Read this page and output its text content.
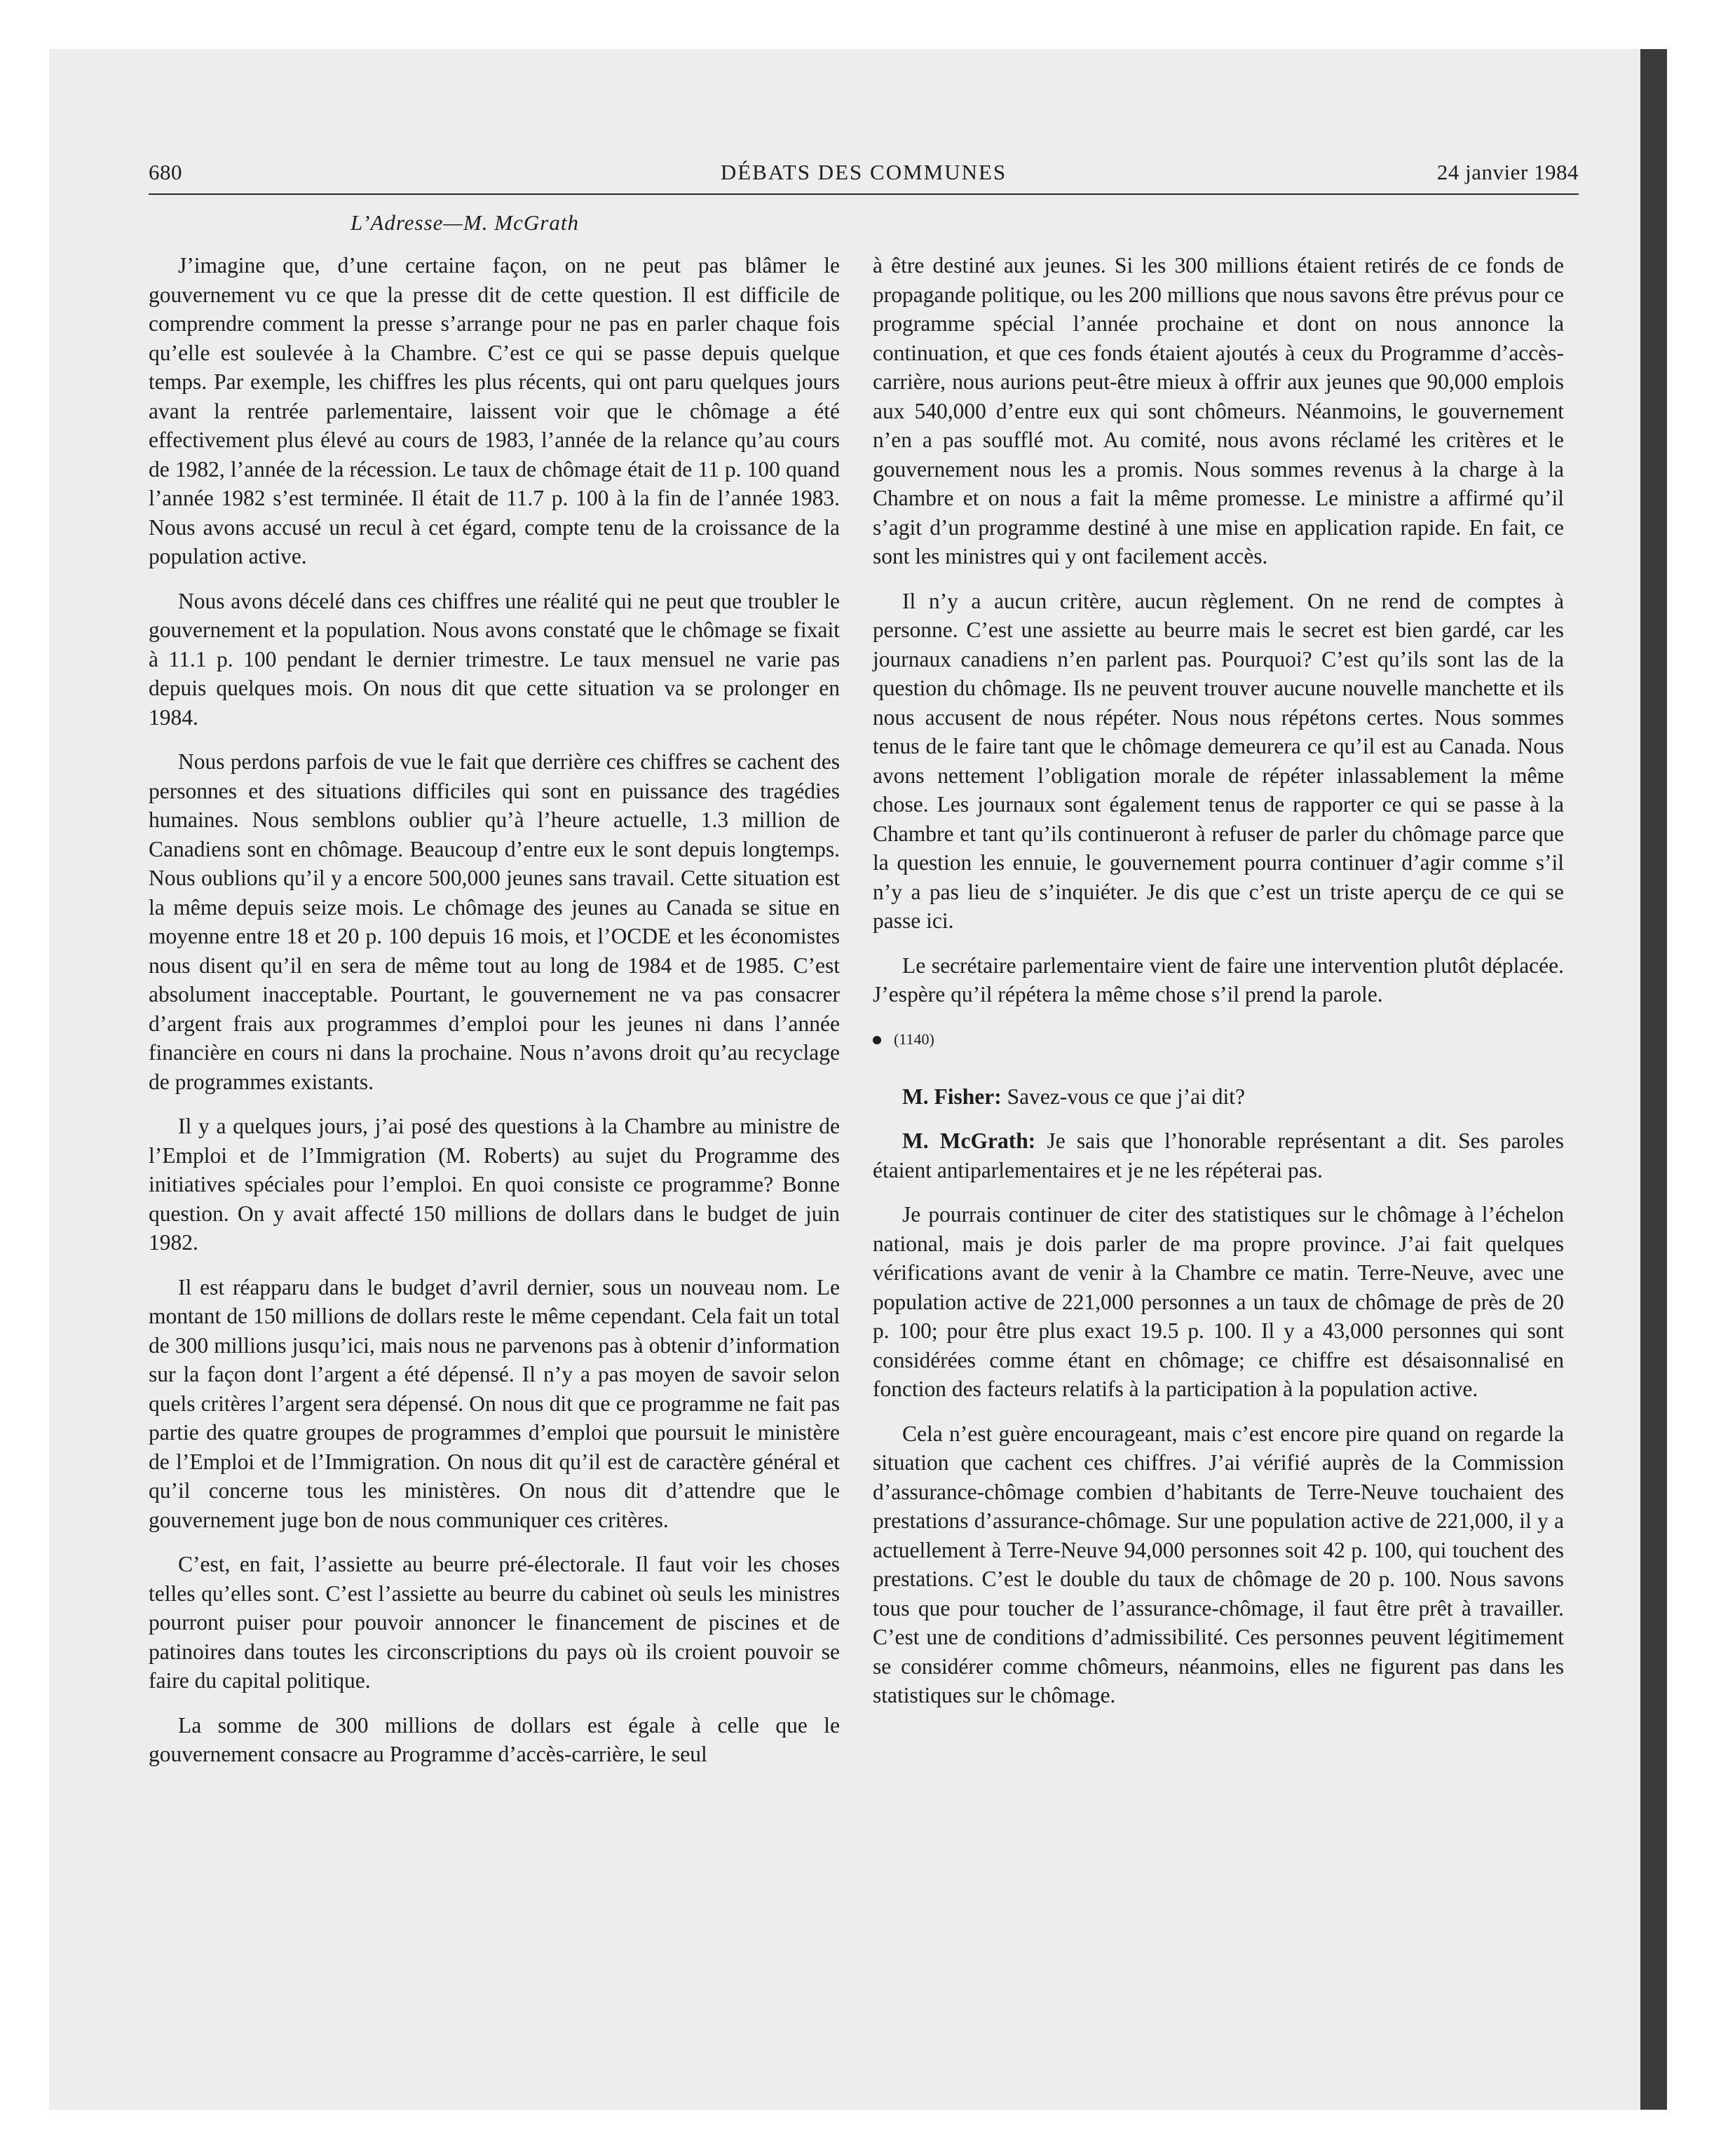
680	DÉBATS DES COMMUNES	24 janvier 1984
L’Adresse—M. McGrath

J’imagine que, d’une certaine façon, on ne peut pas blâmer le gouvernement vu ce que la presse dit de cette question. Il est difficile de comprendre comment la presse s’arrange pour ne pas en parler chaque fois qu’elle est soulevée à la Chambre. C’est ce qui se passe depuis quelque temps. Par exemple, les chiffres les plus récents, qui ont paru quelques jours avant la rentrée parlementaire, laissent voir que le chômage a été effectivement plus élevé au cours de 1983, l’année de la relance qu’au cours de 1982, l’année de la récession. Le taux de chômage était de 11 p. 100 quand l’année 1982 s’est terminée. Il était de 11.7 p. 100 à la fin de l’année 1983. Nous avons accusé un recul à cet égard, compte tenu de la croissance de la population active.

Nous avons décelé dans ces chiffres une réalité qui ne peut que troubler le gouvernement et la population. Nous avons constaté que le chômage se fixait à 11.1 p. 100 pendant le dernier trimestre. Le taux mensuel ne varie pas depuis quelques mois. On nous dit que cette situation va se prolonger en 1984.

Nous perdons parfois de vue le fait que derrière ces chiffres se cachent des personnes et des situations difficiles qui sont en puissance des tragédies humaines. Nous semblons oublier qu’à l’heure actuelle, 1.3 million de Canadiens sont en chômage. Beaucoup d’entre eux le sont depuis longtemps. Nous oublions qu’il y a encore 500,000 jeunes sans travail. Cette situation est la même depuis seize mois. Le chômage des jeunes au Canada se situe en moyenne entre 18 et 20 p. 100 depuis 16 mois, et l’OCDE et les économistes nous disent qu’il en sera de même tout au long de 1984 et de 1985. C’est absolument inacceptable. Pourtant, le gouvernement ne va pas consacrer d’argent frais aux programmes d’emploi pour les jeunes ni dans l’année financière en cours ni dans la prochaine. Nous n’avons droit qu’au recyclage de programmes existants.

Il y a quelques jours, j’ai posé des questions à la Chambre au ministre de l’Emploi et de l’Immigration (M. Roberts) au sujet du Programme des initiatives spéciales pour l’emploi. En quoi consiste ce programme? Bonne question. On y avait affecté 150 millions de dollars dans le budget de juin 1982.

Il est réapparu dans le budget d’avril dernier, sous un nouveau nom. Le montant de 150 millions de dollars reste le même cependant. Cela fait un total de 300 millions jusqu’ici, mais nous ne parvenons pas à obtenir d’information sur la façon dont l’argent a été dépensé. Il n’y a pas moyen de savoir selon quels critères l’argent sera dépensé. On nous dit que ce programme ne fait pas partie des quatre groupes de programmes d’emploi que poursuit le ministère de l’Emploi et de l’Immigration. On nous dit qu’il est de caractère général et qu’il concerne tous les ministères. On nous dit d’attendre que le gouvernement juge bon de nous communiquer ces critères.

C’est, en fait, l’assiette au beurre pré-électorale. Il faut voir les choses telles qu’elles sont. C’est l’assiette au beurre du cabinet où seuls les ministres pourront puiser pour pouvoir annoncer le financement de piscines et de patinoires dans toutes les circonscriptions du pays où ils croient pouvoir se faire du capital politique.

La somme de 300 millions de dollars est égale à celle que le gouvernement consacre au Programme d’accès-carrière, le seul

à être destiné aux jeunes. Si les 300 millions étaient retirés de ce fonds de propagande politique, ou les 200 millions que nous savons être prévus pour ce programme spécial l’année prochaine et dont on nous annonce la continuation, et que ces fonds étaient ajoutés à ceux du Programme d’accès-carrière, nous aurions peut-être mieux à offrir aux jeunes que 90,000 emplois aux 540,000 d’entre eux qui sont chômeurs. Néanmoins, le gouvernement n’en a pas soufflé mot. Au comité, nous avons réclamé les critères et le gouvernement nous les a promis. Nous sommes revenus à la charge à la Chambre et on nous a fait la même promesse. Le ministre a affirmé qu’il s’agit d’un programme destiné à une mise en application rapide. En fait, ce sont les ministres qui y ont facilement accès.

Il n’y a aucun critère, aucun règlement. On ne rend de comptes à personne. C’est une assiette au beurre mais le secret est bien gardé, car les journaux canadiens n’en parlent pas. Pourquoi? C’est qu’ils sont las de la question du chômage. Ils ne peuvent trouver aucune nouvelle manchette et ils nous accusent de nous répéter. Nous nous répétons certes. Nous sommes tenus de le faire tant que le chômage demeurera ce qu’il est au Canada. Nous avons nettement l’obligation morale de répéter inlassablement la même chose. Les journaux sont également tenus de rapporter ce qui se passe à la Chambre et tant qu’ils continueront à refuser de parler du chômage parce que la question les ennuie, le gouvernement pourra continuer d’agir comme s’il n’y a pas lieu de s’inquiéter. Je dis que c’est un triste aperçu de ce qui se passe ici.

Le secrétaire parlementaire vient de faire une intervention plutôt déplacée. J’espère qu’il répétera la même chose s’il prend la parole.

(1140)

M. Fisher: Savez-vous ce que j’ai dit?

M. McGrath: Je sais que l’honorable représentant a dit. Ses paroles étaient antiparlementaires et je ne les répéterai pas.

Je pourrais continuer de citer des statistiques sur le chômage à l’échelon national, mais je dois parler de ma propre province. J’ai fait quelques vérifications avant de venir à la Chambre ce matin. Terre-Neuve, avec une population active de 221,000 personnes a un taux de chômage de près de 20 p. 100; pour être plus exact 19.5 p. 100. Il y a 43,000 personnes qui sont considérées comme étant en chômage; ce chiffre est désaisonnalisé en fonction des facteurs relatifs à la participation à la population active.

Cela n’est guère encourageant, mais c’est encore pire quand on regarde la situation que cachent ces chiffres. J’ai vérifié auprès de la Commission d’assurance-chômage combien d’habitants de Terre-Neuve touchaient des prestations d’assurance-chômage. Sur une population active de 221,000, il y a actuellement à Terre-Neuve 94,000 personnes soit 42 p. 100, qui touchent des prestations. C’est le double du taux de chômage de 20 p. 100. Nous savons tous que pour toucher de l’assurance-chômage, il faut être prêt à travailler. C’est une de conditions d’admissibilité. Ces personnes peuvent légitimement se considérer comme chômeurs, néanmoins, elles ne figurent pas dans les statistiques sur le chômage.
